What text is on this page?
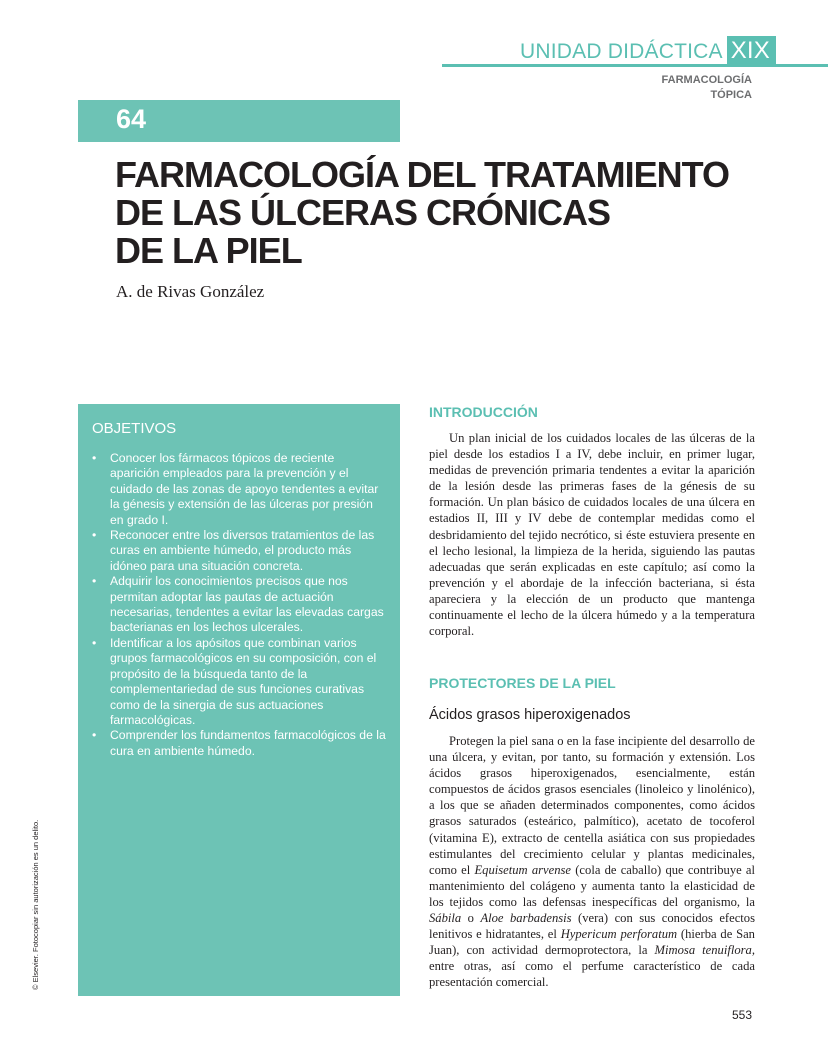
UNIDAD DIDÁCTICA XIX
FARMACOLOGÍA
TÓPICA
64
FARMACOLOGÍA DEL TRATAMIENTO
DE LAS ÚLCERAS CRÓNICAS
DE LA PIEL
A. de Rivas González
OBJETIVOS
• Conocer los fármacos tópicos de reciente aparición empleados para la prevención y el cuidado de las zonas de apoyo tendentes a evitar la génesis y extensión de las úlceras por presión en grado I.
• Reconocer entre los diversos tratamientos de las curas en ambiente húmedo, el producto más idóneo para una situación concreta.
• Adquirir los conocimientos precisos que nos permitan adoptar las pautas de actuación necesarias, tendentes a evitar las elevadas cargas bacterianas en los lechos ulcerales.
• Identificar a los apósitos que combinan varios grupos farmacológicos en su composición, con el propósito de la búsqueda tanto de la complementariedad de sus funciones curativas como de la sinergia de sus actuaciones farmacológicas.
• Comprender los fundamentos farmacológicos de la cura en ambiente húmedo.
© Elsevier. Fotocopiar sin autorización es un delito.
INTRODUCCIÓN

Un plan inicial de los cuidados locales de las úlceras de la piel desde los estadios I a IV, debe incluir, en primer lugar, medidas de prevención primaria tendentes a evitar la aparición de la lesión desde las primeras fases de la génesis de su formación. Un plan básico de cuidados locales de una úlcera en estadios II, III y IV debe de contemplar medidas como el desbridamiento del tejido necrótico, si éste estuviera presente en el lecho lesional, la limpieza de la herida, siguiendo las pautas adecuadas que serán explicadas en este capítulo; así como la prevención y el abordaje de la infección bacteriana, si ésta apareciera y la elección de un producto que mantenga continuamente el lecho de la úlcera húmedo y a la temperatura corporal.

PROTECTORES DE LA PIEL
Ácidos grasos hiperoxigenados

Protegen la piel sana o en la fase incipiente del desarrollo de una úlcera, y evitan, por tanto, su formación y extensión. Los ácidos grasos hiperoxigenados, esencialmente, están compuestos de ácidos grasos esenciales (linoleico y linolénico), a los que se añaden determinados componentes, como ácidos grasos saturados (esteárico, palmítico), acetato de tocoferol (vitamina E), extracto de centella asiática con sus propiedades estimulantes del crecimiento celular y plantas medicinales, como el Equisetum arvense (cola de caballo) que contribuye al mantenimiento del colágeno y aumenta tanto la elasticidad de los tejidos como las defensas inespecíficas del organismo, la Sábila o Aloe barbadensis (vera) con sus conocidos efectos lenitivos e hidratantes, el Hypericum perforatum (hierba de San Juan), con actividad dermoprotectora, la Mimosa tenuiflora, entre otras, así como el perfume característico de cada presentación comercial.

553
